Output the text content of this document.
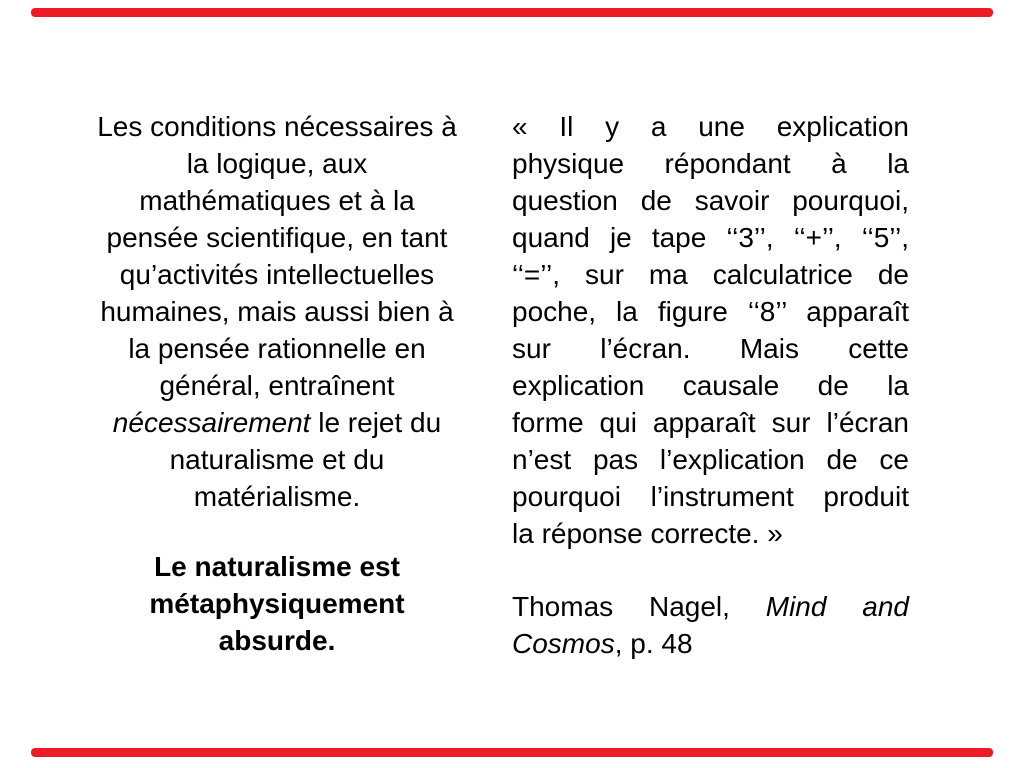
Les conditions nécessaires à
la logique, aux
mathématiques et à la
pensée scientifique, en tant
qu’activités intellectuelles
humaines, mais aussi bien à
la pensée rationnelle en
général, entraînent
nécessairement le rejet du
naturalisme et du
matérialisme.
Le naturalisme est
métaphysiquement
absurde.
« Il y a une explication
physique répondant à la
question de savoir pourquoi,
quand je tape ‘‘3’’, ‘‘+’’, ‘‘5’’,
‘‘=’’, sur ma calculatrice de
poche, la figure ‘‘8’’ apparaît
sur l’écran. Mais cette
explication causale de la
forme qui apparaît sur l’écran
n’est pas l’explication de ce
pourquoi l’instrument produit
la réponse correcte. »
Thomas Nagel, Mind and
Cosmos, p. 48
